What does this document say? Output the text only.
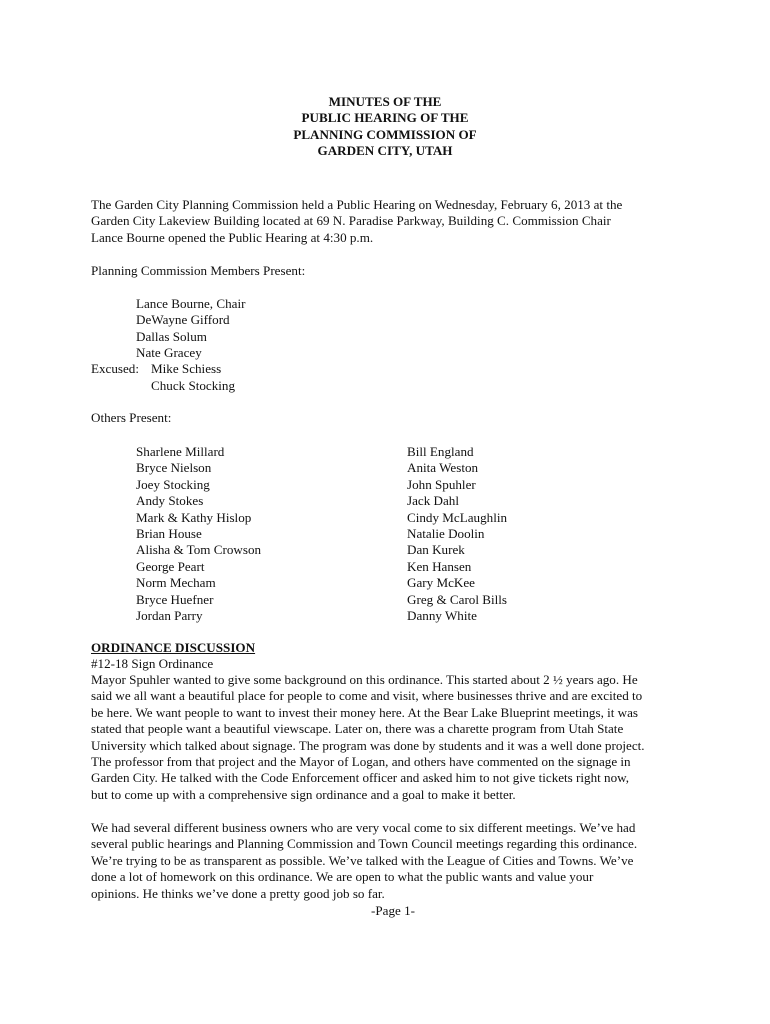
MINUTES OF THE
PUBLIC HEARING OF THE
PLANNING COMMISSION OF
GARDEN CITY, UTAH
The Garden City Planning Commission held a Public Hearing on Wednesday, February 6, 2013 at the
Garden City Lakeview Building located at 69 N. Paradise Parkway, Building C. Commission Chair
Lance Bourne opened the Public Hearing at 4:30 p.m.
Planning Commission Members Present:
Lance Bourne, Chair
DeWayne Gifford
Dallas Solum
Nate Gracey
Excused: Mike Schiess
Chuck Stocking
Others Present:
Sharlene Millard
Bryce Nielson
Joey Stocking
Andy Stokes
Mark & Kathy Hislop
Brian House
Alisha & Tom Crowson
George Peart
Norm Mecham
Bryce Huefner
Jordan Parry
Bill England
Anita Weston
John Spuhler
Jack Dahl
Cindy McLaughlin
Natalie Doolin
Dan Kurek
Ken Hansen
Gary McKee
Greg & Carol Bills
Danny White
ORDINANCE DISCUSSION
#12-18 Sign Ordinance
Mayor Spuhler wanted to give some background on this ordinance. This started about 2 ½ years ago. He
said we all want a beautiful place for people to come and visit, where businesses thrive and are excited to
be here. We want people to want to invest their money here. At the Bear Lake Blueprint meetings, it was
stated that people want a beautiful viewscape. Later on, there was a charette program from Utah State
University which talked about signage. The program was done by students and it was a well done project.
The professor from that project and the Mayor of Logan, and others have commented on the signage in
Garden City. He talked with the Code Enforcement officer and asked him to not give tickets right now,
but to come up with a comprehensive sign ordinance and a goal to make it better.
We had several different business owners who are very vocal come to six different meetings. We’ve had
several public hearings and Planning Commission and Town Council meetings regarding this ordinance.
We’re trying to be as transparent as possible. We’ve talked with the League of Cities and Towns. We’ve
done a lot of homework on this ordinance. We are open to what the public wants and value your
opinions. He thinks we’ve done a pretty good job so far.
-Page 1-
